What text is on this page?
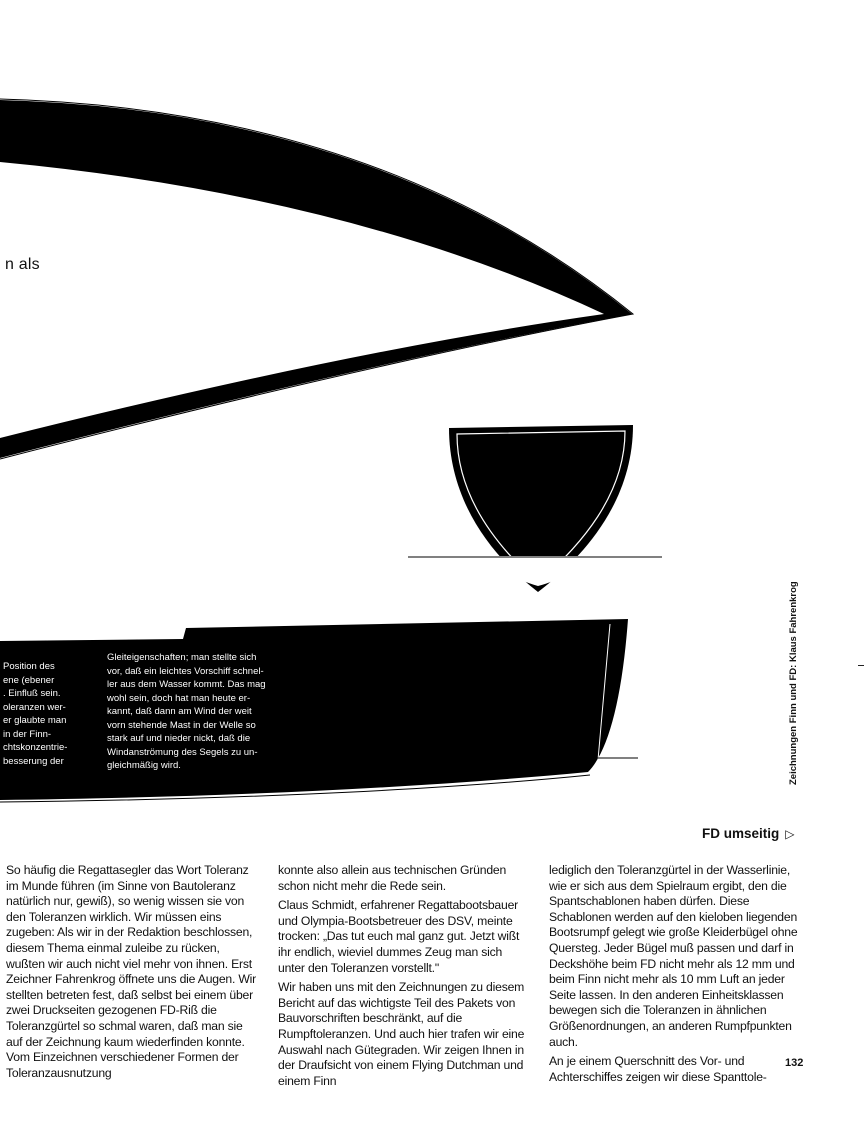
n als
Position des
ene (ebener
. Einfluß sein.
oleranzen wer-
er glaubte man
in der Finn-
chtskonzentrie-
besserung der
Gleiteigenschaften; man stellte sich
vor, daß ein leichtes Vorschiff schnel-
ler aus dem Wasser kommt. Das mag
wohl sein, doch hat man heute er-
kannt, daß dann am Wind der weit
vorn stehende Mast in der Welle so
stark auf und nieder nickt, daß die
Windanströmung des Segels zu un-
gleichmäßig wird.	Zeichnungen Finn und FD: Klaus Fahrenkrog
FD umseitig ▷

So häufig die Regattasegler das Wort Toleranz im Munde führen (im Sinne von Bautoleranz natürlich nur, gewiß), so wenig wissen sie von den Toleranzen wirklich. Wir müssen eins zugeben: Als wir in der Redaktion beschlossen, diesem Thema einmal zuleibe zu rücken, wußten wir auch nicht viel mehr von ihnen. Erst Zeichner Fahrenkrog öffnete uns die Augen. Wir stellten betreten fest, daß selbst bei einem über zwei Druckseiten gezogenen FD-Riß die Toleranzgürtel so schmal waren, daß man sie auf der Zeichnung kaum wiederfinden konnte. Vom Einzeichnen verschiedener Formen der Toleranzausnutzung

konnte also allein aus technischen Gründen schon nicht mehr die Rede sein.

Claus Schmidt, erfahrener Regattabootsbauer und Olympia-Bootsbetreuer des DSV, meinte trocken: „Das tut euch mal ganz gut. Jetzt wißt ihr endlich, wieviel dummes Zeug man sich unter den Toleranzen vorstellt."

Wir haben uns mit den Zeichnungen zu diesem Bericht auf das wichtigste Teil des Pakets von Bauvorschriften beschränkt, auf die Rumpftoleranzen. Und auch hier trafen wir eine Auswahl nach Gütegraden. Wir zeigen Ihnen in der Draufsicht von einem Flying Dutchman und einem Finn

lediglich den Toleranzgürtel in der Wasserlinie, wie er sich aus dem Spielraum ergibt, den die Spantschablonen haben dürfen. Diese Schablonen werden auf den kieloben liegenden Bootsrumpf gelegt wie große Kleiderbügel ohne Quersteg. Jeder Bügel muß passen und darf in Deckshöhe beim FD nicht mehr als 12 mm und beim Finn nicht mehr als 10 mm Luft an jeder Seite lassen. In den anderen Einheitsklassen bewegen sich die Toleranzen in ähnlichen Größenordnungen, an anderen Rumpfpunkten auch.

An je einem Querschnitt des Vor- und Achterschiffes zeigen wir diese Spanttole-

132
